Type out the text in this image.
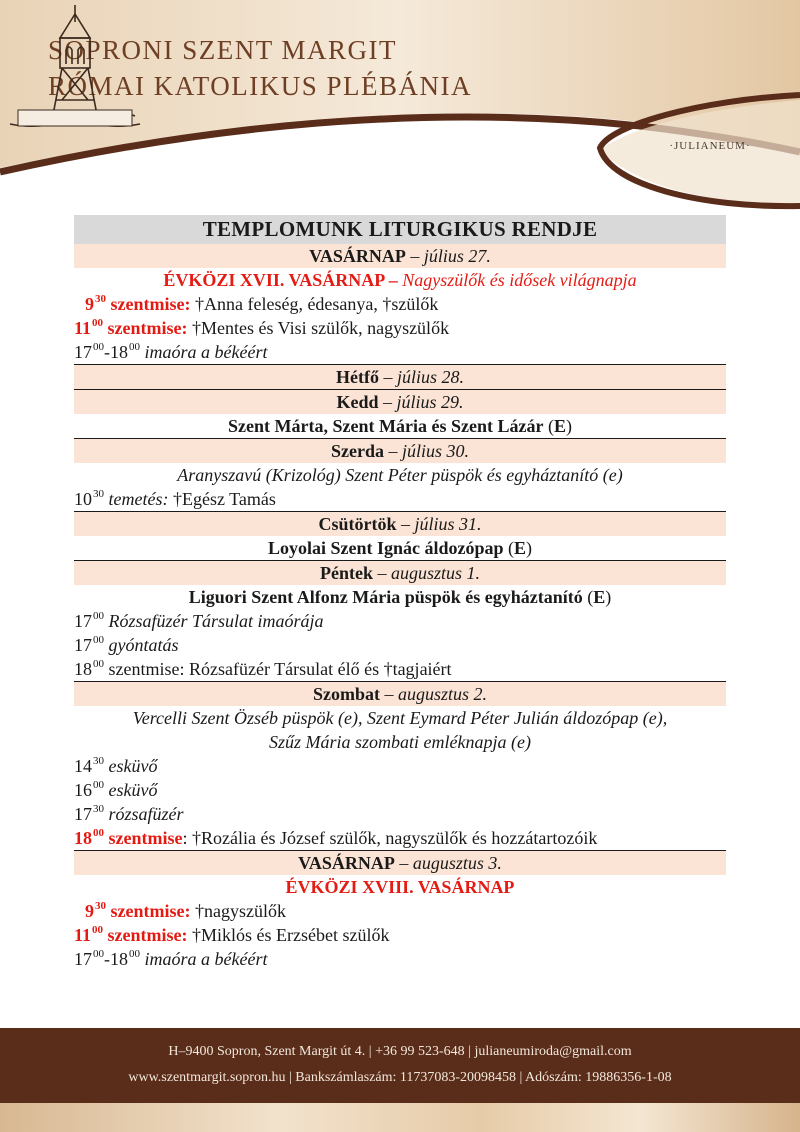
SOPRONI SZENT MARGIT
RÓMAI KATOLIKUS PLÉBÁNIA
·JULIANEUM·
TEMPLOMUNK LITURGIKUS RENDJE
VASÁRNAP – július 27.
ÉVKÖZI XVII. VASÁRNAP – Nagyszülők és idősek világnapja
$9^{30}$ szentmise: †Anna feleség, édesanya, †szülők
$11^{00}$ szentmise: †Mentes és Visi szülők, nagyszülők
$17^{00}-18^{00}$ imaóra a békéért
Hétfő – július 28.
Kedd – július 29.
Szent Márta, Szent Mária és Szent Lázár (E)
Szerda – július 30.
Aranyszavú (Krizológ) Szent Péter püspök és egyháztanító (e)
$10^{30}$ temetés: †Egész Tamás
Csütörtök – július 31.
Loyolai Szent Ignác áldozópap (E)
Péntek – augusztus 1.
Liguori Szent Alfonz Mária püspök és egyháztanító (E)
$17^{00}$ Rózsafüzér Társulat imaórája
$17^{00}$ gyóntatás
$18^{00}$ szentmise: Rózsafüzér Társulat élő és †tagjaiért
Szombat – augusztus 2.
Vercelli Szent Özséb püspök (e), Szent Eymard Péter Julián áldozópap (e),
Szűz Mária szombati emléknapja (e)
$14^{30}$ esküvő
$16^{00}$ esküvő
$17^{30}$ rózsafüzér
$18^{00}$ szentmise: †Rozália és József szülők, nagyszülők és hozzátartozóik
VASÁRNAP – augusztus 3.
ÉVKÖZI XVIII. VASÁRNAP
$9^{30}$ szentmise: †nagyszülők
$11^{00}$ szentmise: †Miklós és Erzsébet szülők
$17^{00}-18^{00}$ imaóra a békéért
H–9400 Sopron, Szent Margit út 4. | +36 99 523-648 | julianeumiroda@gmail.com
www.szentmargit.sopron.hu | Bankszámlaszám: 11737083-20098458 | Adószám: 19886356-1-08
